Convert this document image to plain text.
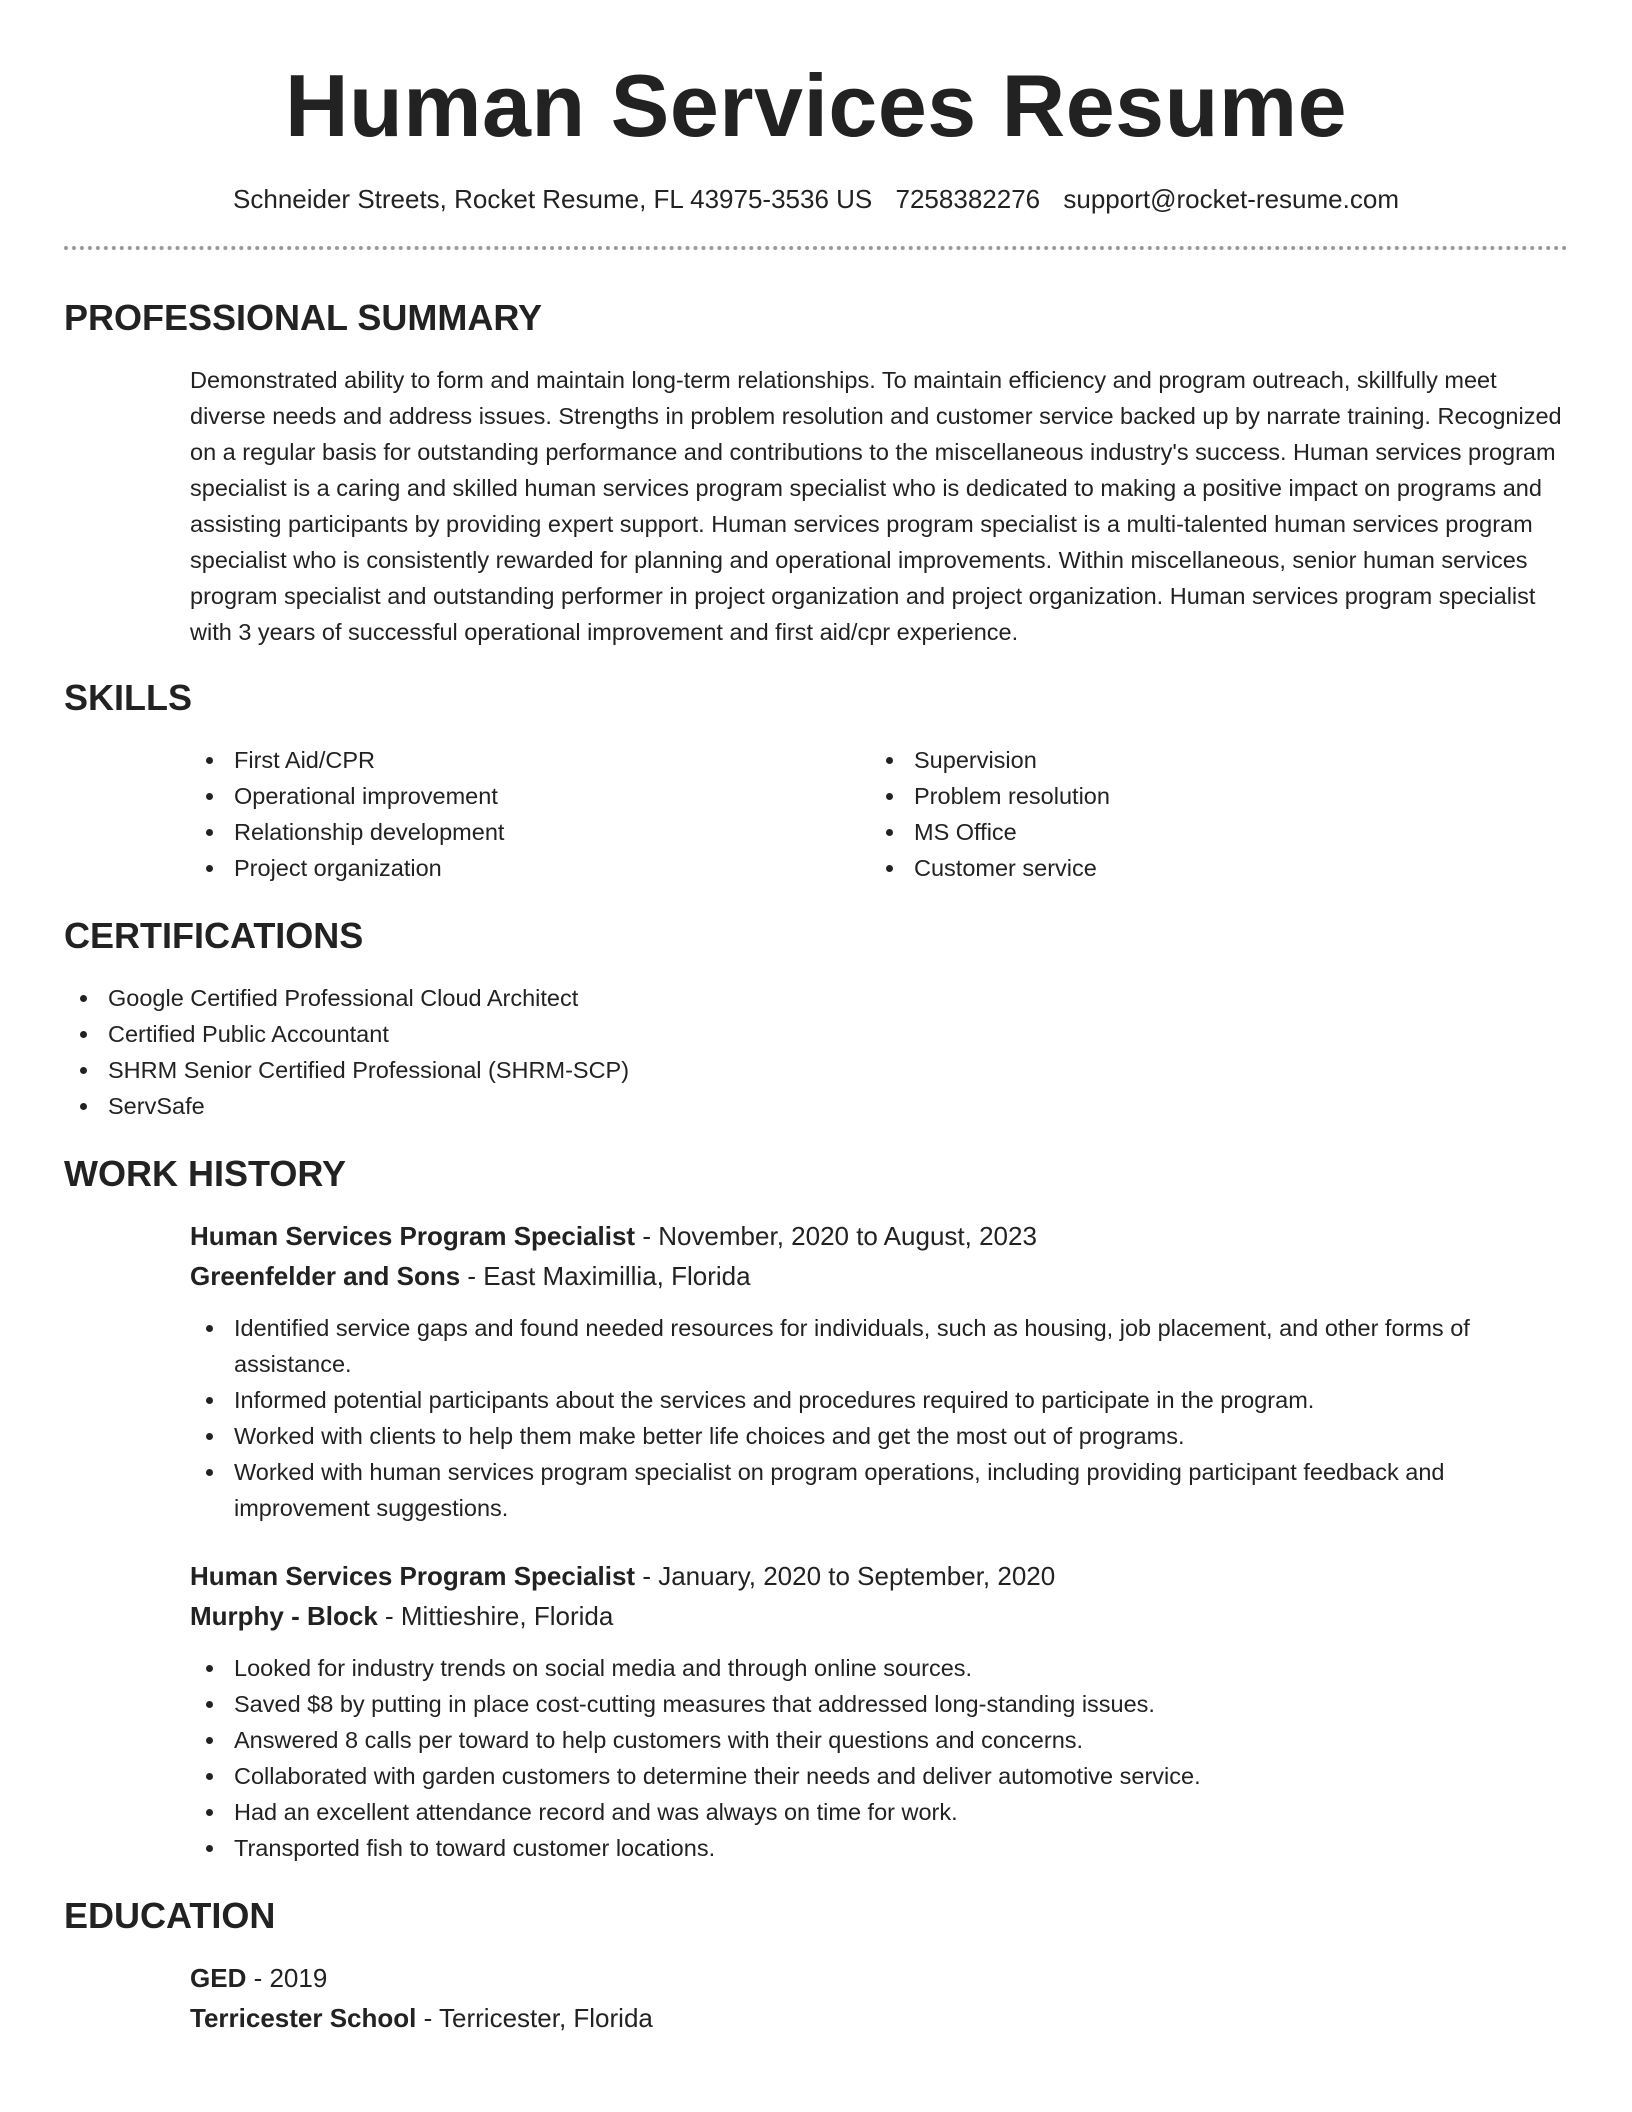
Human Services Resume
Schneider Streets, Rocket Resume, FL 43975-3536 US 7258382276 support@rocket-resume.com
PROFESSIONAL SUMMARY

Demonstrated ability to form and maintain long-term relationships. To maintain efficiency and program outreach, skillfully meet diverse needs and address issues. Strengths in problem resolution and customer service backed up by narrate training. Recognized on a regular basis for outstanding performance and contributions to the miscellaneous industry's success. Human services program specialist is a caring and skilled human services program specialist who is dedicated to making a positive impact on programs and assisting participants by providing expert support. Human services program specialist is a multi-talented human services program specialist who is consistently rewarded for planning and operational improvements. Within miscellaneous, senior human services program specialist and outstanding performer in project organization and project organization. Human services program specialist with 3 years of successful operational improvement and first aid/cpr experience.

SKILLS
First Aid/CPR
Operational improvement
Relationship development
Project organization
Supervision
Problem resolution
MS Office
Customer service
CERTIFICATIONS
Google Certified Professional Cloud Architect
Certified Public Accountant
SHRM Senior Certified Professional (SHRM-SCP)
ServSafe
WORK HISTORY
Human Services Program Specialist - November, 2020 to August, 2023
Greenfelder and Sons - East Maximillia, Florida
Identified service gaps and found needed resources for individuals, such as housing, job placement, and other forms of assistance.
Informed potential participants about the services and procedures required to participate in the program.
Worked with clients to help them make better life choices and get the most out of programs.
Worked with human services program specialist on program operations, including providing participant feedback and improvement suggestions.
Human Services Program Specialist - January, 2020 to September, 2020
Murphy - Block - Mittieshire, Florida
Looked for industry trends on social media and through online sources.
Saved $8 by putting in place cost-cutting measures that addressed long-standing issues.
Answered 8 calls per toward to help customers with their questions and concerns.
Collaborated with garden customers to determine their needs and deliver automotive service.
Had an excellent attendance record and was always on time for work.
Transported fish to toward customer locations.
EDUCATION
GED - 2019
Terricester School - Terricester, Florida
